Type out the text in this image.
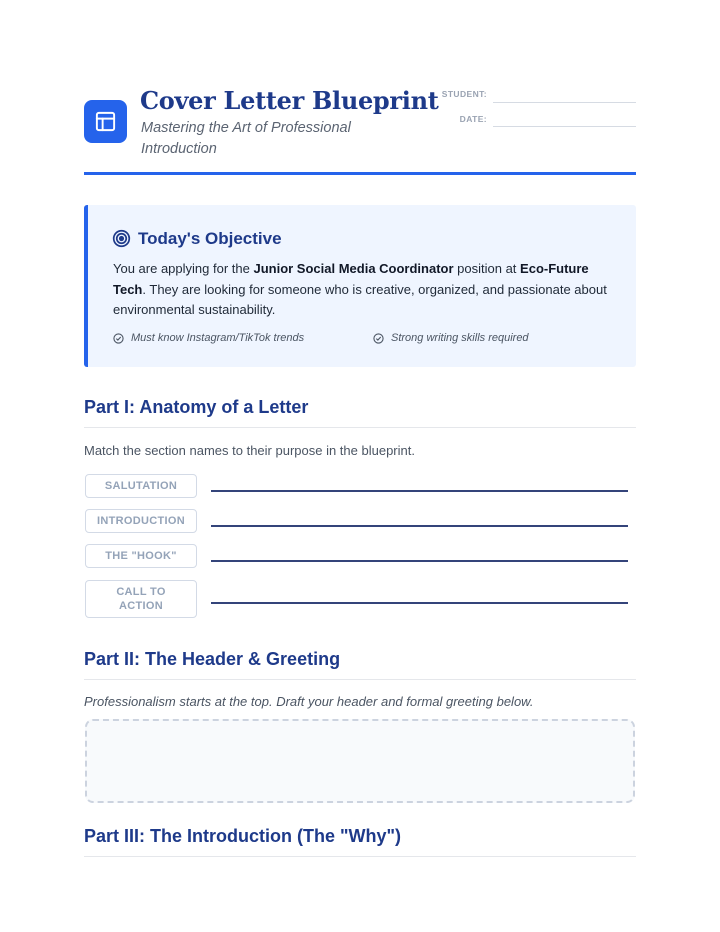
Cover Letter Blueprint
Mastering the Art of Professional Introduction
STUDENT:
DATE:
Today's Objective
You are applying for the Junior Social Media Coordinator position at Eco-Future Tech. They are looking for someone who is creative, organized, and passionate about environmental sustainability.
Must know Instagram/TikTok trends	Strong writing skills required
Part I: Anatomy of a Letter
Match the section names to their purpose in the blueprint.
SALUTATION
INTRODUCTION
THE "HOOK"
CALL TO ACTION
Part II: The Header & Greeting
Professionalism starts at the top. Draft your header and formal greeting below.
Part III: The Introduction (The "Why")
